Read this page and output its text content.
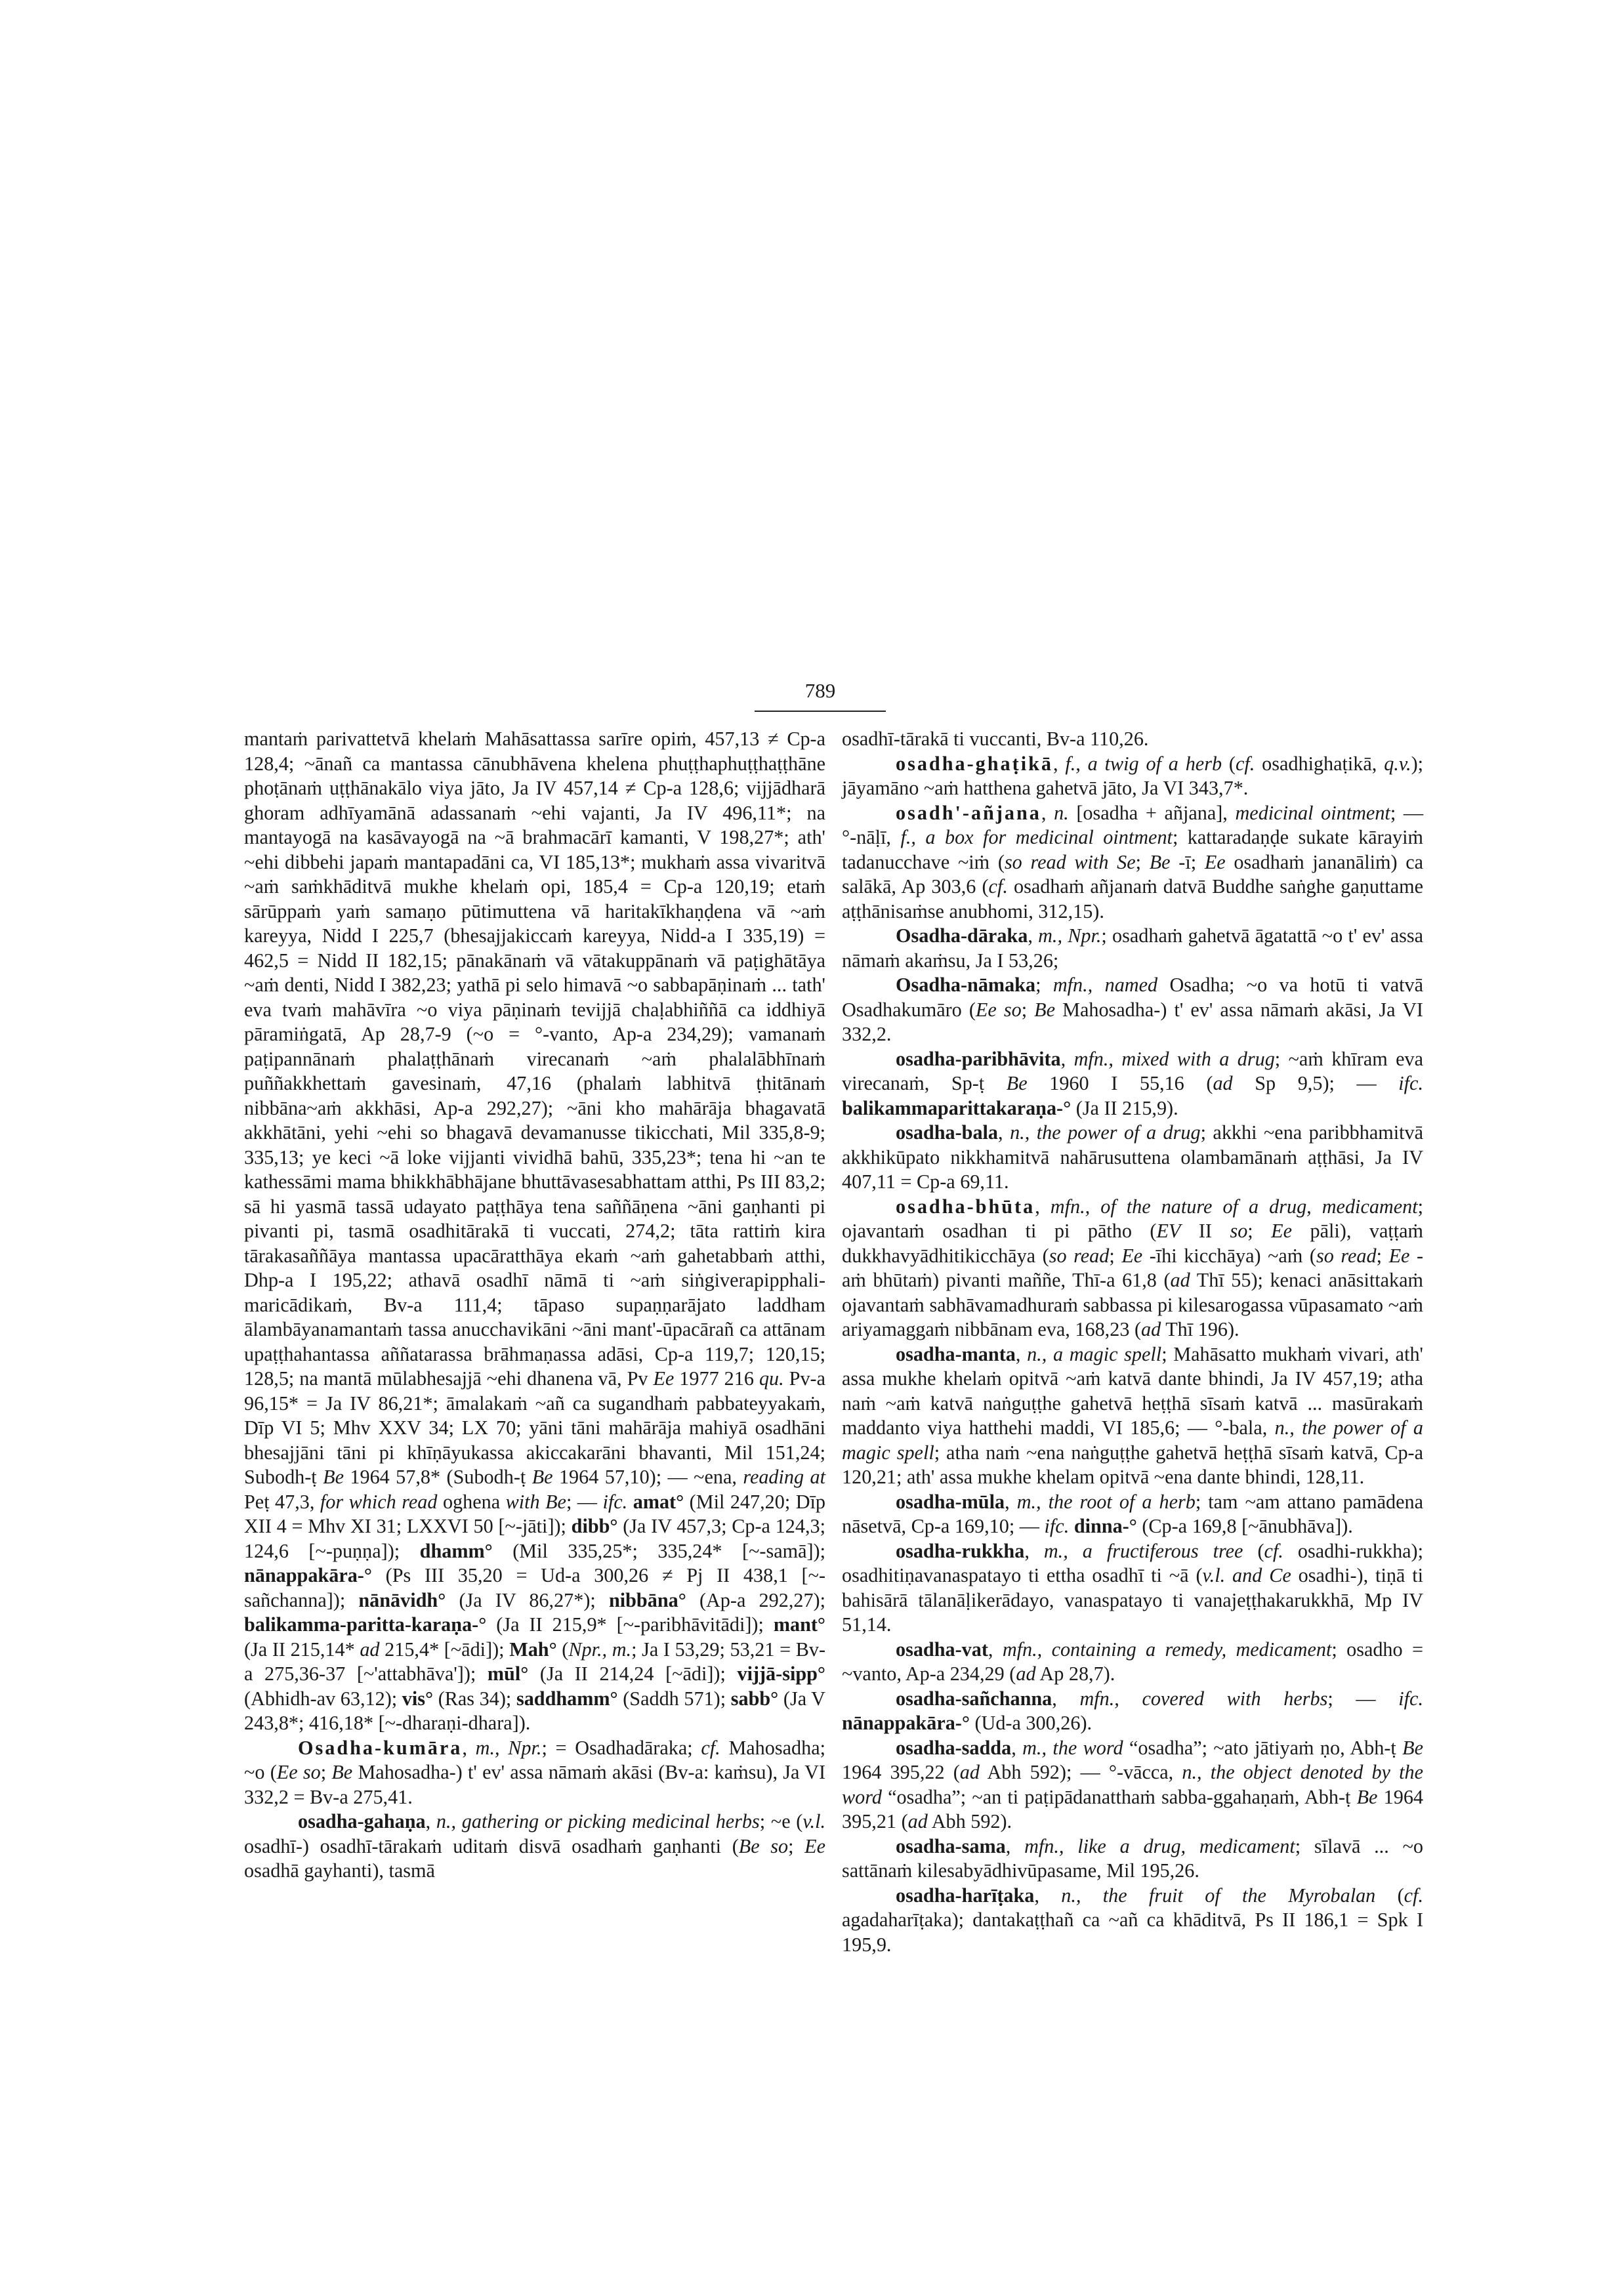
789

mantaṁ parivattetvā khelaṁ Mahāsattassa sarīre opiṁ, 457,13 ≠ Cp-a 128,4; ~ānañ ca mantassa cānubhāvena khelena phuṭṭhaphuṭṭhaṭṭhāne phoṭānaṁ uṭṭhānakālo viya jāto, Ja IV 457,14 ≠ Cp-a 128,6; vijjādharā ghoram adhīyamānā adassanaṁ ~ehi vajanti, Ja IV 496,11*; na mantayogā na kasāvayogā na ~ā brahmacārī kamanti, V 198,27*; ath' ~ehi dibbehi japaṁ mantapadāni ca, VI 185,13*; mukhaṁ assa vivaritvā ~aṁ saṁkhāditvā mukhe khelaṁ opi, 185,4 = Cp-a 120,19; etaṁ sārūppaṁ yaṁ samaṇo pūtimuttena vā haritakīkhaṇḍena vā ~aṁ kareyya, Nidd I 225,7 (bhesajjakiccaṁ kareyya, Nidd-a I 335,19) = 462,5 = Nidd II 182,15; pānakānaṁ vā vātakuppānaṁ vā paṭighātāya ~aṁ denti, Nidd I 382,23; yathā pi selo himavā ~o sabbapāṇinaṁ ... tath' eva tvaṁ mahāvīra ~o viya pāṇinaṁ tevijjā chaḷabhiññā ca iddhiyā pāramiṅgatā, Ap 28,7-9 (~o = °-vanto, Ap-a 234,29); vamanaṁ paṭipannānaṁ phalaṭṭhānaṁ virecanaṁ ~aṁ phalalābhīnaṁ puññakkhettaṁ gavesinaṁ, 47,16 (phalaṁ labhitvā ṭhitānaṁ nibbāna~aṁ akkhāsi, Ap-a 292,27); ~āni kho mahārāja bhagavatā akkhātāni, yehi ~ehi so bhagavā devamanusse tikicchati, Mil 335,8-9; 335,13; ye keci ~ā loke vijjanti vividhā bahū, 335,23*; tena hi ~an te kathessāmi mama bhikkhābhājane bhuttāvasesabhattam atthi, Ps III 83,2; sā hi yasmā tassā udayato paṭṭhāya tena saññāṇena ~āni gaṇhanti pi pivanti pi, tasmā osadhitārakā ti vuccati, 274,2; tāta rattiṁ kira tārakasaññāya mantassa upacāratthāya ekaṁ ~aṁ gahetabbaṁ atthi, Dhp-a I 195,22; athavā osadhī nāmā ti ~aṁ siṅgiverapipphali-maricādikaṁ, Bv-a 111,4; tāpaso supaṇṇarājato laddham ālambāyanamantaṁ tassa anucchavikāni ~āni mant'-ūpacārañ ca attānam upaṭṭhahantassa aññatarassa brāhmaṇassa adāsi, Cp-a 119,7; 120,15; 128,5; na mantā mūlabhesajjā ~ehi dhanena vā, Pv Ee 1977 216 qu. Pv-a 96,15* = Ja IV 86,21*; āmalakaṁ ~añ ca sugandhaṁ pabbateyyakaṁ, Dīp VI 5; Mhv XXV 34; LX 70; yāni tāni mahārāja mahiyā osadhāni bhesajjāni tāni pi khīṇāyukassa akiccakarāni bhavanti, Mil 151,24; Subodh-ṭ Be 1964 57,8* (Subodh-ṭ Be 1964 57,10); — ~ena, reading at Peṭ 47,3, for which read oghena with Be; — ifc. amat° (Mil 247,20; Dīp XII 4 = Mhv XI 31; LXXVI 50 [~-jāti]); dibb° (Ja IV 457,3; Cp-a 124,3; 124,6 [~-puṇṇa]); dhamm° (Mil 335,25*; 335,24* [~-samā]); nānappakāra-° (Ps III 35,20 = Ud-a 300,26 ≠ Pj II 438,1 [~-sañchanna]); nānāvidh° (Ja IV 86,27*); nibbāna° (Ap-a 292,27); balikamma-paritta-karaṇa-° (Ja II 215,9* [~-paribhāvitādi]); mant° (Ja II 215,14* ad 215,4* [~ādi]); Mah° (Npr., m.; Ja I 53,29; 53,21 = Bv-a 275,36-37 [~'attabhāva']); mūl° (Ja II 214,24 [~ādi]); vijjā-sipp° (Abhidh-av 63,12); vis° (Ras 34); saddhamm° (Saddh 571); sabb° (Ja V 243,8*; 416,18* [~-dharaṇi-dhara]).

Osadha-kumāra, m., Npr.; = Osadhadāraka; cf. Mahosadha; ~o (Ee so; Be Mahosadha-) t' ev' assa nāmaṁ akāsi (Bv-a: kaṁsu), Ja VI 332,2 = Bv-a 275,41.

osadha-gahaṇa, n., gathering or picking medicinal herbs; ~e (v.l. osadhī-) osadhī-tārakaṁ uditaṁ disvā osadhaṁ gaṇhanti (Be so; Ee osadhā gayhanti), tasmā

osadhī-tārakā ti vuccanti, Bv-a 110,26.

osadha-ghaṭikā, f., a twig of a herb (cf. osadhighaṭikā, q.v.); jāyamāno ~aṁ hatthena gahetvā jāto, Ja VI 343,7*.

osadh'-añjana, n. [osadha + añjana], medicinal ointment; — °-nāḷī, f., a box for medicinal ointment; kattaradaṇḍe sukate kārayiṁ tadanucchave ~iṁ (so read with Se; Be -ī; Ee osadhaṁ jananāliṁ) ca salākā, Ap 303,6 (cf. osadhaṁ añjanaṁ datvā Buddhe saṅghe gaṇuttame aṭṭhānisaṁse anubhomi, 312,15).

Osadha-dāraka, m., Npr.; osadhaṁ gahetvā āgatattā ~o t' ev' assa nāmaṁ akaṁsu, Ja I 53,26;

Osadha-nāmaka; mfn., named Osadha; ~o va hotū ti vatvā Osadhakumāro (Ee so; Be Mahosadha-) t' ev' assa nāmaṁ akāsi, Ja VI 332,2.

osadha-paribhāvita, mfn., mixed with a drug; ~aṁ khīram eva virecanaṁ, Sp-ṭ Be 1960 I 55,16 (ad Sp 9,5); — ifc. balikammaparittakaraṇa-° (Ja II 215,9).

osadha-bala, n., the power of a drug; akkhi ~ena paribbhamitvā akkhikūpato nikkhamitvā nahārusuttena olambamānaṁ aṭṭhāsi, Ja IV 407,11 = Cp-a 69,11.

osadha-bhūta, mfn., of the nature of a drug, medicament; ojavantaṁ osadhan ti pi pātho (EV II so; Ee pāli), vaṭṭaṁ dukkhavyādhitikicchāya (so read; Ee -īhi kicchāya) ~aṁ (so read; Ee -aṁ bhūtaṁ) pivanti maññe, Thī-a 61,8 (ad Thī 55); kenaci anāsittakaṁ ojavantaṁ sabhāvamadhuraṁ sabbassa pi kilesarogassa vūpasamato ~aṁ ariyamaggaṁ nibbānam eva, 168,23 (ad Thī 196).

osadha-manta, n., a magic spell; Mahāsatto mukhaṁ vivari, ath' assa mukhe khelaṁ opitvā ~aṁ katvā dante bhindi, Ja IV 457,19; atha naṁ ~aṁ katvā naṅguṭṭhe gahetvā heṭṭhā sīsaṁ katvā ... masūrakaṁ maddanto viya hatthehi maddi, VI 185,6; — °-bala, n., the power of a magic spell; atha naṁ ~ena naṅguṭṭhe gahetvā heṭṭhā sīsaṁ katvā, Cp-a 120,21; ath' assa mukhe khelam opitvā ~ena dante bhindi, 128,11.

osadha-mūla, m., the root of a herb; tam ~am attano pamādena nāsetvā, Cp-a 169,10; — ifc. dinna-° (Cp-a 169,8 [~ānubhāva]).

osadha-rukkha, m., a fructiferous tree (cf. osadhi-rukkha); osadhitiṇavanaspatayo ti ettha osadhī ti ~ā (v.l. and Ce osadhi-), tiṇā ti bahisārā tālanāḷikerādayo, vanaspatayo ti vanajeṭṭhakarukkhā, Mp IV 51,14.

osadha-vat, mfn., containing a remedy, medicament; osadho = ~vanto, Ap-a 234,29 (ad Ap 28,7).

osadha-sañchanna, mfn., covered with herbs; — ifc. nānappakāra-° (Ud-a 300,26).

osadha-sadda, m., the word “osadha”; ~ato jātiyaṁ ṇo, Abh-ṭ Be 1964 395,22 (ad Abh 592); — °-vācca, n., the object denoted by the word “osadha”; ~an ti paṭipādanatthaṁ sabba-ggahaṇaṁ, Abh-ṭ Be 1964 395,21 (ad Abh 592).

osadha-sama, mfn., like a drug, medicament; sīlavā ... ~o sattānaṁ kilesabyādhivūpasame, Mil 195,26.

osadha-harīṭaka, n., the fruit of the Myrobalan (cf. agadaharīṭaka); dantakaṭṭhañ ca ~añ ca khāditvā, Ps II 186,1 = Spk I 195,9.
